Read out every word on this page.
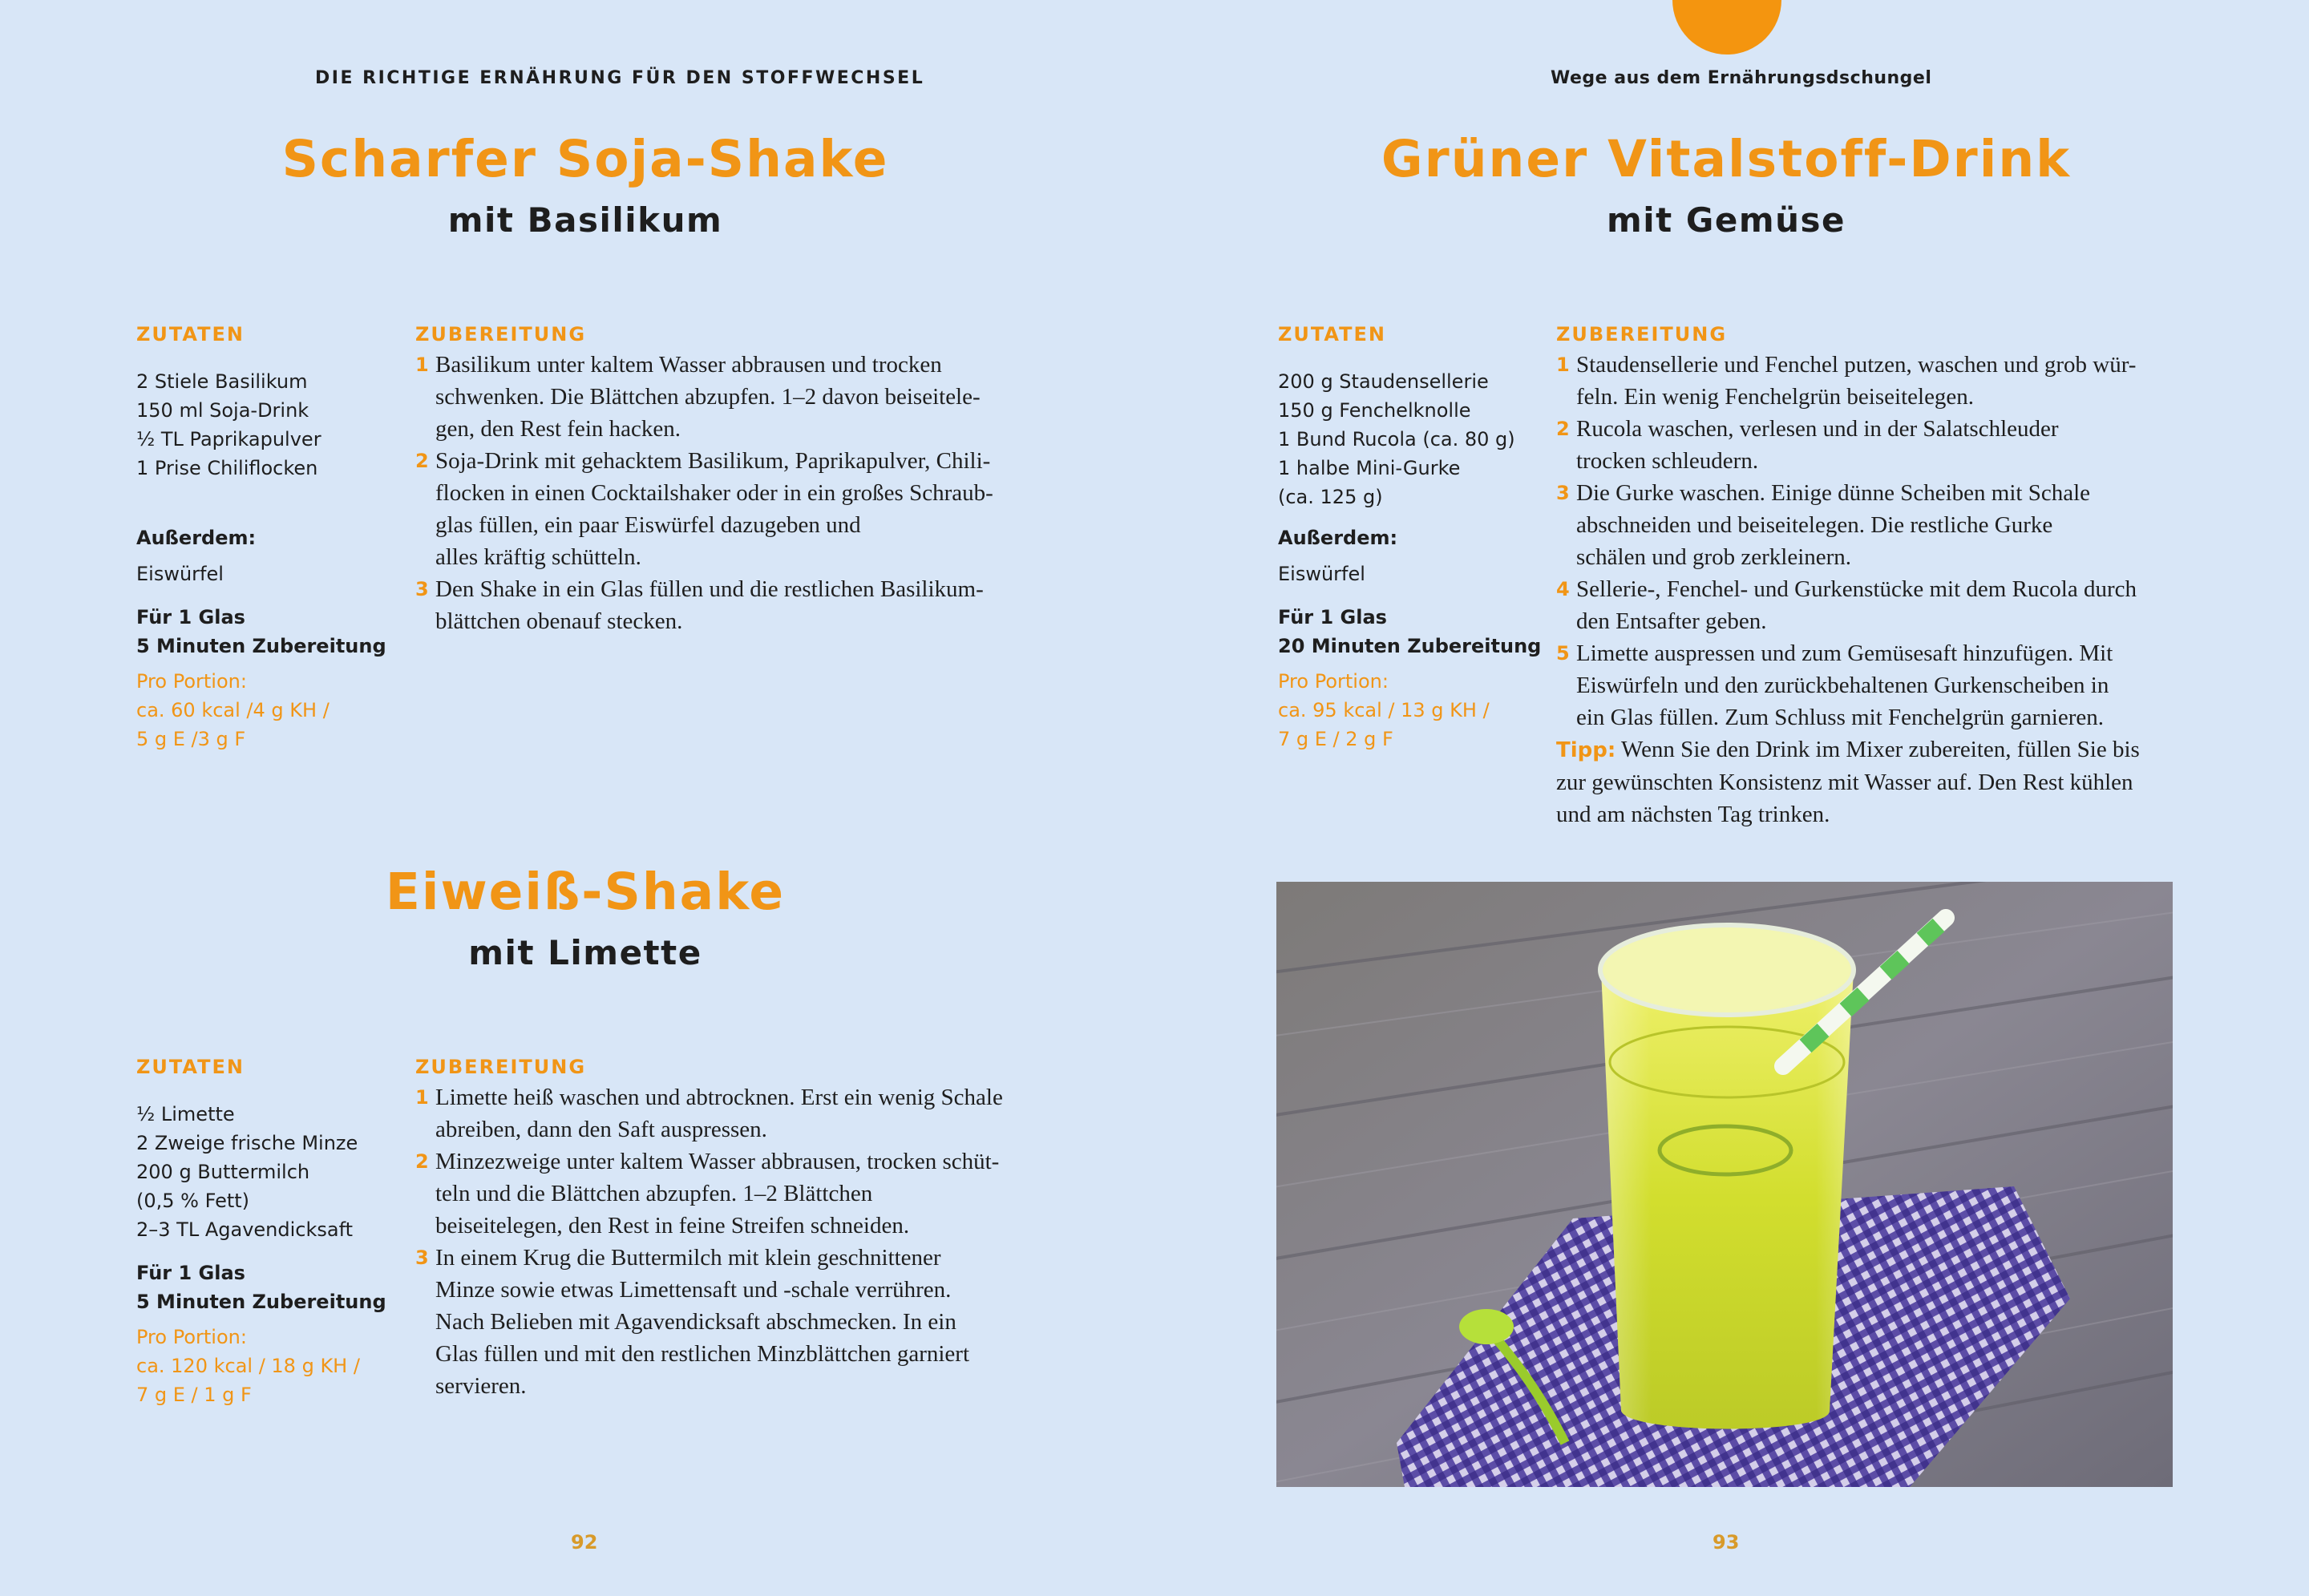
DIE RICHTIGE ERNÄHRUNG FÜR DEN STOFFWECHSEL
Scharfer Soja-Shake
mit Basilikum
ZUTATEN
2 Stiele Basilikum
150 ml Soja-Drink
½ TL Paprikapulver
1 Prise Chiliflocken
Außerdem:
Eiswürfel
Für 1 Glas
5 Minuten Zubereitung
Pro Portion:
ca. 60 kcal /4 g KH /
5 g E /3 g F
ZUBEREITUNG
1 Basilikum unter kaltem Wasser abbrausen und trocken
schwenken. Die Blättchen abzupfen. 1–2 davon beiseitele-
gen, den Rest fein hacken.
2 Soja-Drink mit gehacktem Basilikum, Paprikapulver, Chili-
flocken in einen Cocktailshaker oder in ein großes Schraub-
glas füllen, ein paar Eiswürfel dazugeben und
alles kräftig schütteln.
3 Den Shake in ein Glas füllen und die restlichen Basilikum-
blättchen obenauf stecken.
Eiweiß-Shake
mit Limette
ZUTATEN
½ Limette
2 Zweige frische Minze
200 g Buttermilch
(0,5 % Fett)
2–3 TL Agavendicksaft
Für 1 Glas
5 Minuten Zubereitung
Pro Portion:
ca. 120 kcal / 18 g KH /
7 g E / 1 g F
ZUBEREITUNG
1 Limette heiß waschen und abtrocknen. Erst ein wenig Schale
abreiben, dann den Saft auspressen.
2 Minzezweige unter kaltem Wasser abbrausen, trocken schüt-
teln und die Blättchen abzupfen. 1–2 Blättchen
beiseitelegen, den Rest in feine Streifen schneiden.
3 In einem Krug die Buttermilch mit klein geschnittener
Minze sowie etwas Limettensaft und -schale verrühren.
Nach Belieben mit Agavendicksaft abschmecken. In ein
Glas füllen und mit den restlichen Minzblättchen garniert
servieren.
92
Wege aus dem Ernährungsdschungel
Grüner Vitalstoff-Drink
mit Gemüse
ZUTATEN
200 g Staudensellerie
150 g Fenchelknolle
1 Bund Rucola (ca. 80 g)
1 halbe Mini-Gurke
(ca. 125 g)
Außerdem:
Eiswürfel
Für 1 Glas
20 Minuten Zubereitung
Pro Portion:
ca. 95 kcal / 13 g KH /
7 g E / 2 g F
ZUBEREITUNG
1 Staudensellerie und Fenchel putzen, waschen und grob wür-
feln. Ein wenig Fenchelgrün beiseitelegen.
2 Rucola waschen, verlesen und in der Salatschleuder
trocken schleudern.
3 Die Gurke waschen. Einige dünne Scheiben mit Schale
abschneiden und beiseitelegen. Die restliche Gurke
schälen und grob zerkleinern.
4 Sellerie-, Fenchel- und Gurkenstücke mit dem Rucola durch
den Entsafter geben.
5 Limette auspressen und zum Gemüsesaft hinzufügen. Mit
Eiswürfeln und den zurückbehaltenen Gurkenscheiben in
ein Glas füllen. Zum Schluss mit Fenchelgrün garnieren.
Tipp: Wenn Sie den Drink im Mixer zubereiten, füllen Sie bis
zur gewünschten Konsistenz mit Wasser auf. Den Rest kühlen
und am nächsten Tag trinken.
93
